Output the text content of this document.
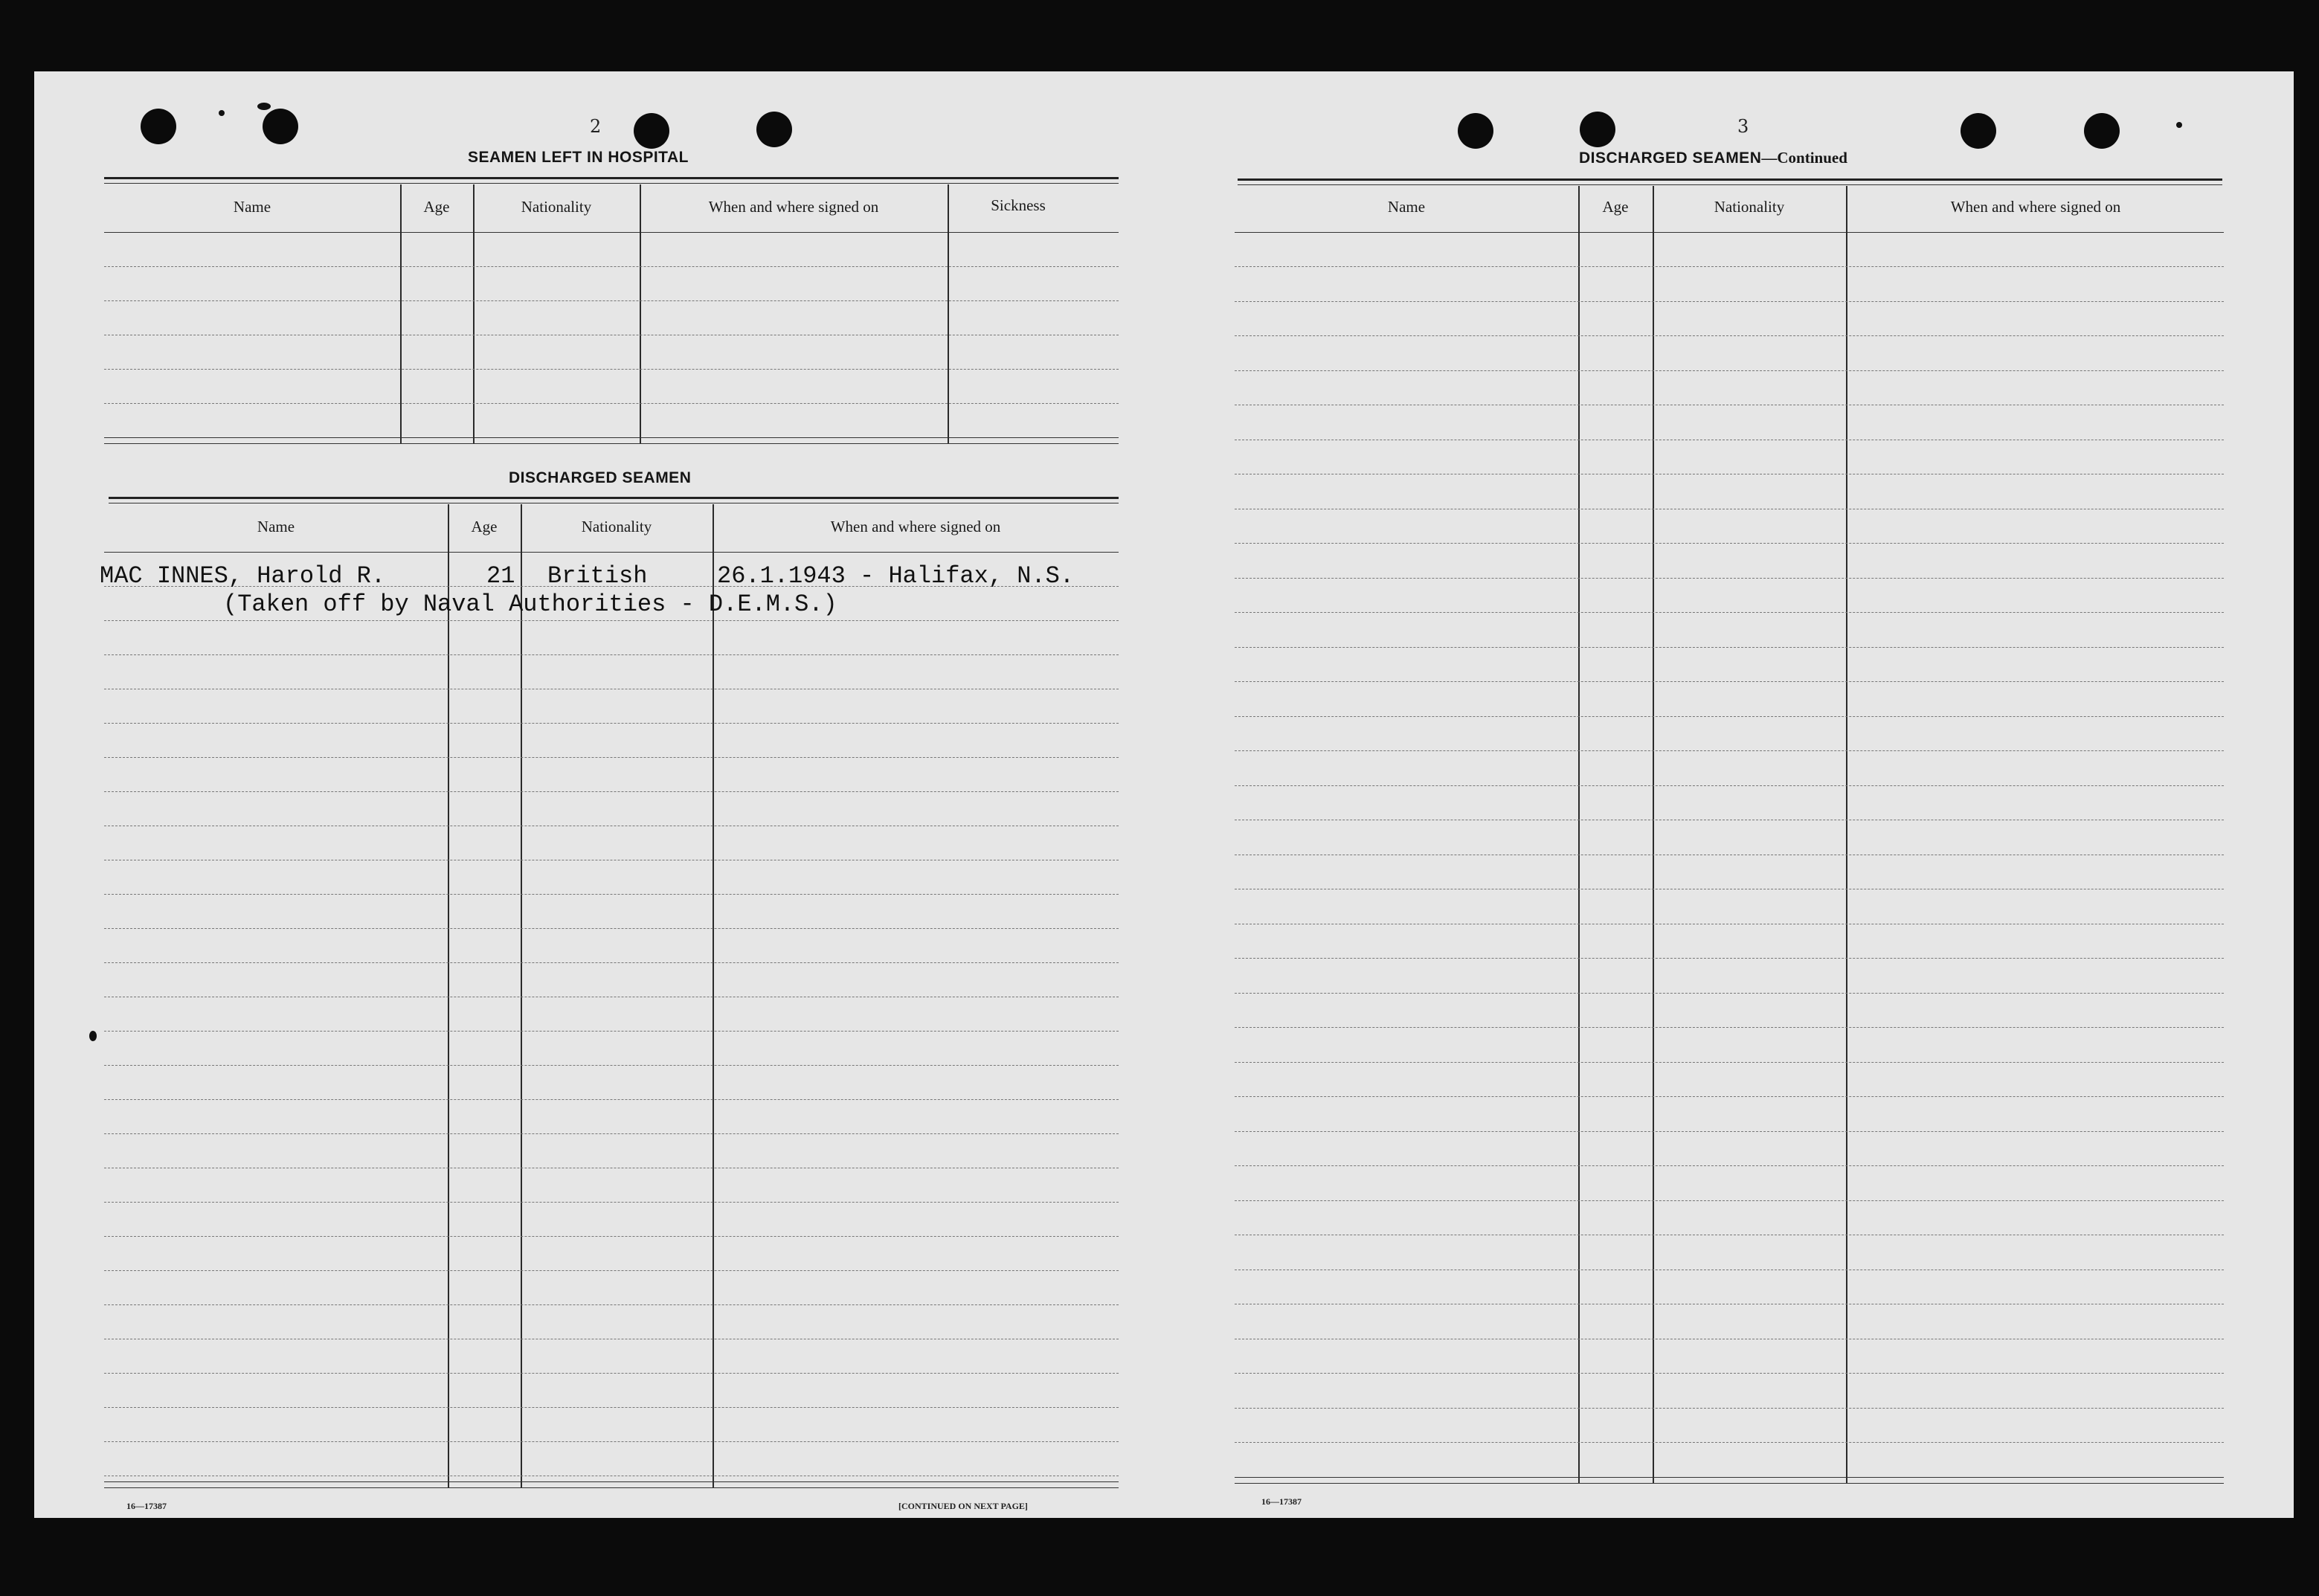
2
SEAMEN LEFT IN HOSPITAL
Name	Age	Nationality	When and where signed on	Sickness
DISCHARGED SEAMEN
Name	Age	Nationality	When and where signed on
MAC INNES, Harold R.	21 British	26.1.1943 - Halifax, N.S.
(Taken off by Naval Authorities - D.E.M.S.)
16—17387	[CONTINUED ON NEXT PAGE]
3
DISCHARGED SEAMEN—Continued
Name	Age	Nationality	When and where signed on
16—17387
